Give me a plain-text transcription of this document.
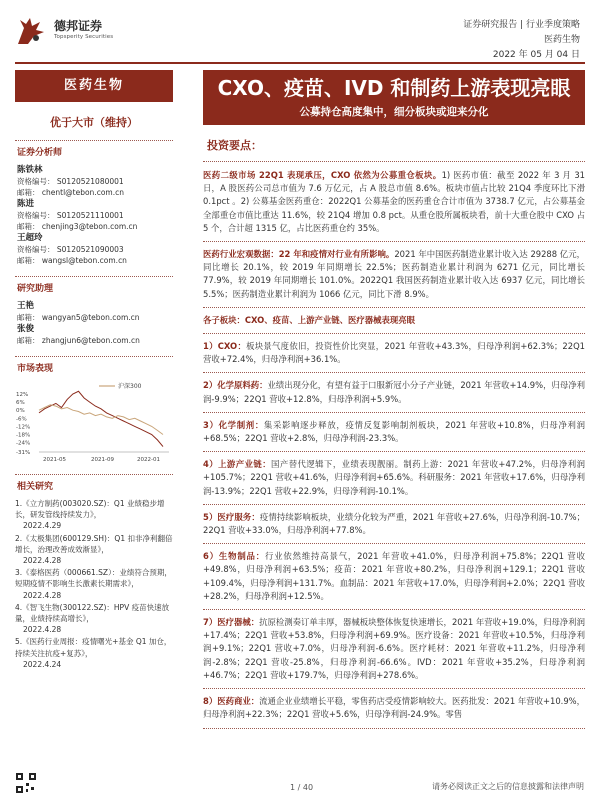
德邦证券
Topsperity Securities
证券研究报告 | 行业季度策略
医药生物
2022 年 05 月 04 日
医药生物
优于大市（维持）
证券分析师
陈铁林
资格编号： S0120521080001
邮箱： chentl@tebon.com.cn
陈进
资格编号： S0120521110001
邮箱： chenjing3@tebon.com.cn
王超玲
资格编号： S0120521090003
邮箱： wangsl@tebon.com.cn
研究助理
王艳
邮箱： wangyan5@tebon.com.cn
张俊
邮箱： zhangjun6@tebon.com.cn
市场表现
12%
6%
0%
-6%
-12%
-18%
-24%
-31%
2021-05	2021-09	2022-01
沪深300
相关研究
1.《立方制药(003020.SZ)：Q1 业绩稳步增长，研发管线持续发力》，
2022.4.29
2.《太极集团(600129.SH)：Q1 扣非净利翻倍增长，治理改善成效渐显》，
2022.4.28
3.《泰格医药（000661.SZ）：业绩符合预期，短期疫情不影响生长激素长期需求》，
2022.4.28
4.《智飞生物(300122.SZ)：HPV 疫苗快速放量，业绩持续高增长》，
2022.4.28
5.《医药行业周报：疫情曙光+基金 Q1 加仓，持续关注抗疫+复苏》，
2022.4.24
CXO、疫苗、IVD 和制药上游表现亮眼
公募持仓高度集中，细分板块或迎来分化
投资要点：
医药二级市场 22Q1 表现承压，CXO 依然为公募重仓板块。1) 医药市值：截至 2022 年 3 月 31 日，A 股医药公司总市值为 7.6 万亿元，占 A 股总市值 8.6%。板块市值占比较 21Q4 季度环比下滑 0.1pct 。2) 公募基金医药重仓：2022Q1 公募基金的医药重仓合计市值为 3738.7 亿元，占公募基金全部重仓市值比重达 11.6%，较 21Q4 增加 0.8 pct。从重仓股所属板块看，前十大重仓股中 CXO 占 5 个，合计超 1315 亿，占比医药重仓约 35%。
医药行业宏观数据：22 年和疫情对行业有所影响。2021 年中国医药制造业累计收入达 29288 亿元，同比增长 20.1%，较 2019 年同期增长 22.5%；医药制造业累计利润为 6271 亿元，同比增长 77.9%，较 2019 年同期增长 101.0%。2022Q1 我国医药制造业累计收入达 6937 亿元，同比增长 5.5%；医药制造业累计利润为 1066 亿元，同比下滑 8.9%。
各子板块：CXO、疫苗、上游产业链、医疗器械表现亮眼
1）CXO：板块景气度依旧，投资性价比突显，2021 年营收+43.3%，归母净利润+62.3%；22Q1 营收+72.4%，归母净利润+36.1%。
2）化学原料药：业绩出现分化，有望有益于口服新冠小分子产业链，2021 年营收+14.9%，归母净利润-9.9%；22Q1 营收+12.8%，归母净利润+5.9%。
3）化学制剂：集采影响逐步释放，疫情反复影响制剂板块，2021 年营收+10.8%，归母净利润+68.5%；22Q1 营收+2.8%，归母净利润-23.3%。
4）上游产业链：国产替代逻辑下，业绩表现靓丽。制药上游：2021 年营收+47.2%，归母净利润+105.7%；22Q1 营收+41.6%，归母净利润+65.6%。科研服务：2021 年营收+17.6%，归母净利润-13.9%；22Q1 营收+22.9%，归母净利润-10.1%。
5）医疗服务：疫情持续影响板块，业绩分化较为严重，2021 年营收+27.6%，归母净利润-10.7%；22Q1 营收+33.0%，归母净利润+77.8%。
6）生物制品：行业依然维持高景气，2021 年营收+41.0%，归母净利润+75.8%；22Q1 营收+49.8%，归母净利润+63.5%；疫苗：2021 年营收+80.2%，归母净利润+129.1；22Q1 营收+109.4%，归母净利润+131.7%。血制品：2021 年营收+17.0%，归母净利润+2.0%；22Q1 营收+28.2%，归母净利润+12.5%。
7）医疗器械：抗原检测奏订单丰厚，器械板块整体恢复快速增长，2021 年营收+19.0%，归母净利润+17.4%；22Q1 营收+53.8%，归母净利润+69.9%。医疗设备：2021 年营收+10.5%，归母净利润+9.1%；22Q1 营收+7.0%，归母净利润-6.6%。医疗耗材：2021 年营收+11.2%，归母净利润-2.8%；22Q1 营收-25.8%，归母净利润-66.6%。IVD：2021 年营收+35.2%，归母净利润+46.7%；22Q1 营收+179.7%，归母净利润+278.6%。
8）医药商业：流通企业业绩增长平稳，零售药店受疫情影响较大。医药批发：2021 年营收+10.9%，归母净利润+22.3%；22Q1 营收+5.6%，归母净利润-24.9%。零售
1 / 40	请务必阅读正文之后的信息披露和法律声明
